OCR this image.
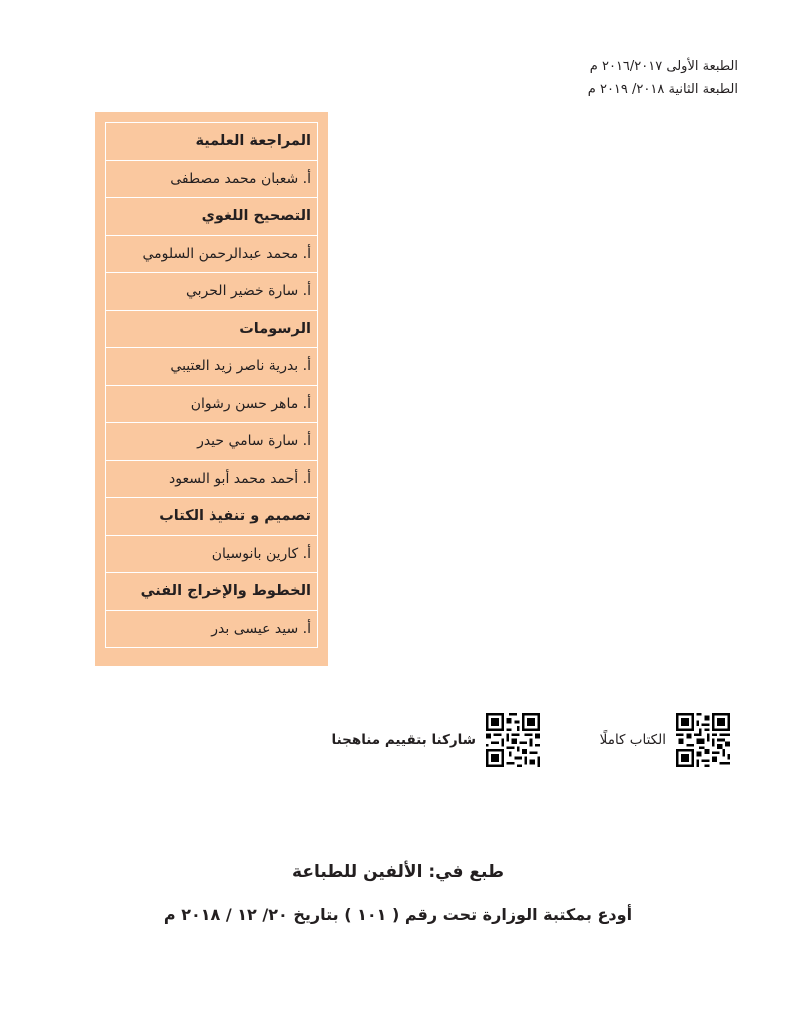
الطبعة الأولى ٢٠١٦/٢٠١٧ م
الطبعة الثانية ٢٠١٨/ ٢٠١٩ م
المراجعة العلمية
أ. شعبان محمد مصطفى
التصحيح اللغوي
أ. محمد عبدالرحمن السلومي
أ. سارة خضير الحربي
الرسومات
أ. بدرية ناصر زيد العتيبي
أ. ماهر حسن رشوان
أ. سارة سامي حيدر
أ. أحمد محمد أبو السعود
تصميم و تنفيذ الكتاب
أ. كارين بانوسيان
الخطوط والإخراج الفني
أ. سيد عيسى بدر
الكتاب كاملًا
شاركنا بتقييم مناهجنا
طبع في: الألفين للطباعة
أودع بمكتبة الوزارة تحت رقم ( ١٠١ ) بتاريخ ٢٠/ ١٢ / ٢٠١٨ م
